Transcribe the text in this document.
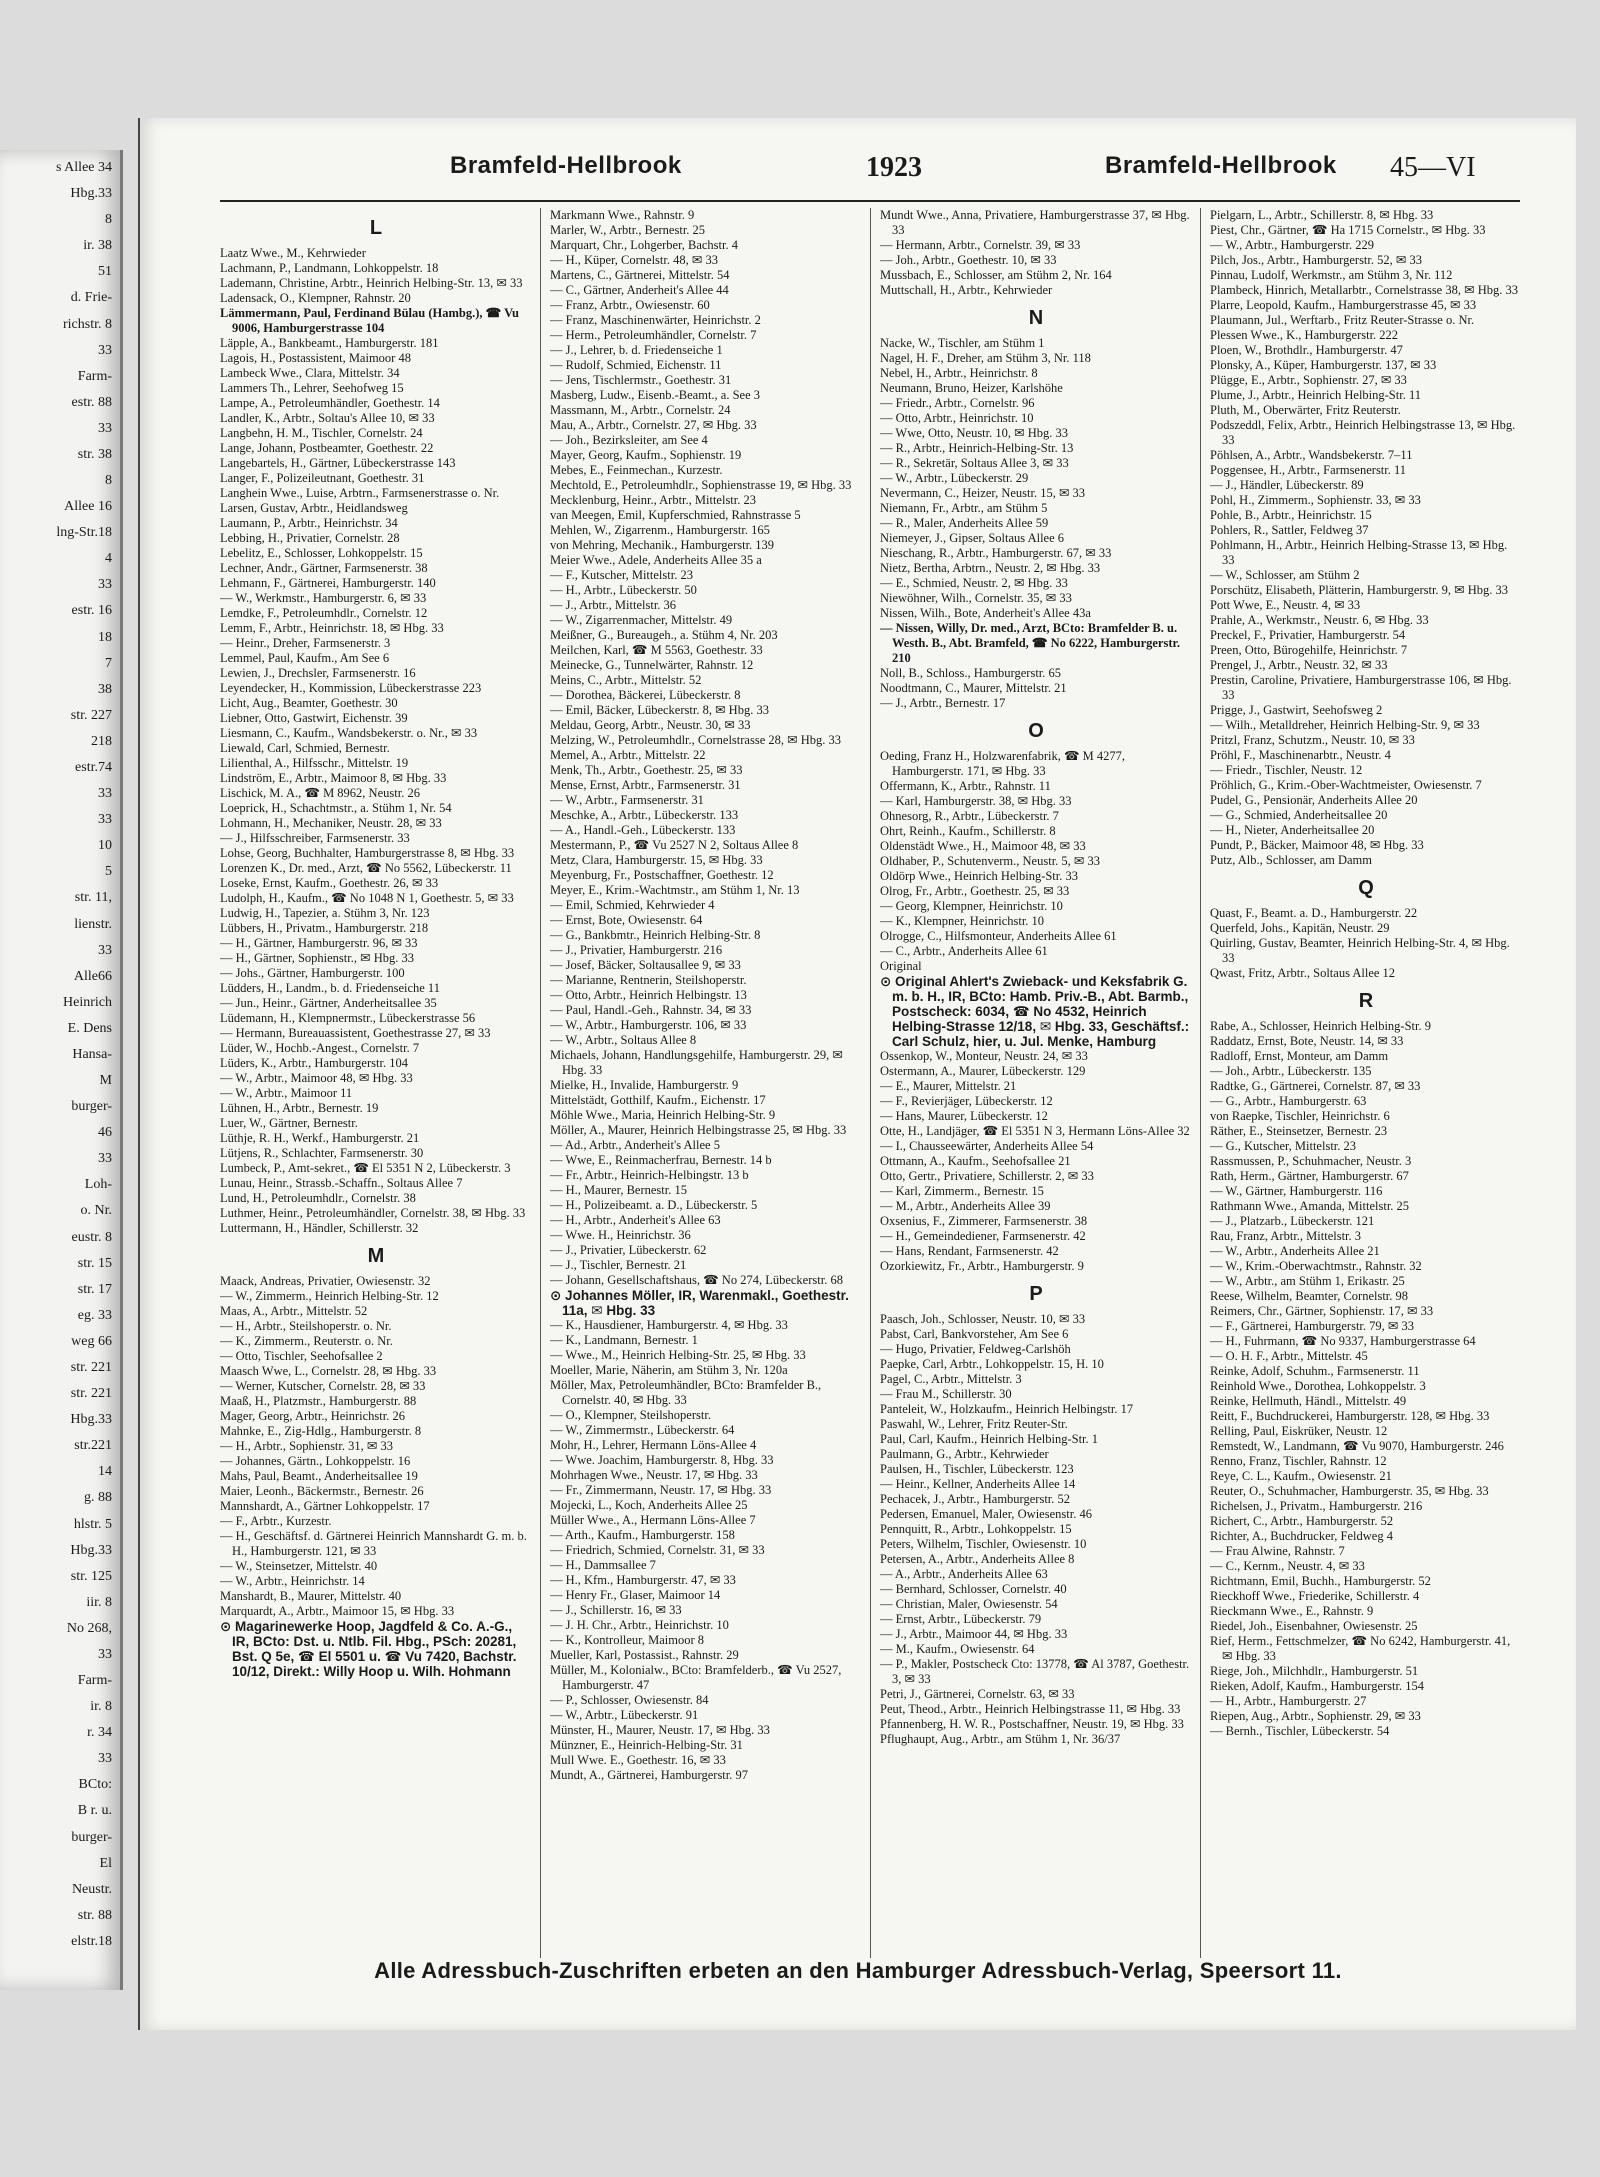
s Allee 34
Hbg.33
8
ir. 38
51
d. Frie-
richstr. 8
33
Farm-
estr. 88
33
str. 38
8
Allee 16
lng-Str.18
4
33
estr. 16
18
7
38
str. 227
218
estr.74
33
33
10
5
str. 11,
lienstr.
33
Alle66
Heinrich
E. Dens
Hansa-
M
burger-
46
33
Loh-
o. Nr.
eustr. 8
str. 15
str. 17
eg. 33
weg 66
str. 221
str. 221
Hbg.33
str.221
14
g. 88
hlstr. 5
Hbg.33
str. 125
iir. 8
No 268,
33
Farm-
ir. 8
r. 34
33
BCto:
B r. u.
burger-
El
Neustr.
str. 88
elstr.18
Bramfeld-Hellbrook	1923	Bramfeld-Hellbrook 45—VI
L
Laatz Wwe., M., Kehrwieder
Lachmann, P., Landmann, Lohkoppelstr. 18
Lademann, Christine, Arbtr., Heinrich Helbing-Str. 13, ✉ 33
Ladensack, O., Klempner, Rahnstr. 20
Lämmermann, Paul, Ferdinand Bülau (Hambg.), ☎ Vu 9006, Hamburgerstrasse 104
Läpple, A., Bankbeamt., Hamburgerstr. 181
Lagois, H., Postassistent, Maimoor 48
Lambeck Wwe., Clara, Mittelstr. 34
Lammers Th., Lehrer, Seehofweg 15
Lampe, A., Petroleumhändler, Goethestr. 14
Landler, K., Arbtr., Soltau's Allee 10, ✉ 33
Langbehn, H. M., Tischler, Cornelstr. 24
Lange, Johann, Postbeamter, Goethestr. 22
Langebartels, H., Gärtner, Lübeckerstrasse 143
Langer, F., Polizeileutnant, Goethestr. 31
Langhein Wwe., Luise, Arbtrn., Farmsenerstrasse o. Nr.
Larsen, Gustav, Arbtr., Heidlandsweg
Laumann, P., Arbtr., Heinrichstr. 34
Lebbing, H., Privatier, Cornelstr. 28
Lebelitz, E., Schlosser, Lohkoppelstr. 15
Lechner, Andr., Gärtner, Farmsenerstr. 38
Lehmann, F., Gärtnerei, Hamburgerstr. 140
— W., Werkmstr., Hamburgerstr. 6, ✉ 33
Lemdke, F., Petroleumhdlr., Cornelstr. 12
Lemm, F., Arbtr., Heinrichstr. 18, ✉ Hbg. 33
— Heinr., Dreher, Farmsenerstr. 3
Lemmel, Paul, Kaufm., Am See 6
Lewien, J., Drechsler, Farmsenerstr. 16
Leyendecker, H., Kommission, Lübeckerstrasse 223
Licht, Aug., Beamter, Goethestr. 30
Liebner, Otto, Gastwirt, Eichenstr. 39
Liesmann, C., Kaufm., Wandsbekerstr. o. Nr., ✉ 33
Liewald, Carl, Schmied, Bernestr.
Lilienthal, A., Hilfsschr., Mittelstr. 19
Lindström, E., Arbtr., Maimoor 8, ✉ Hbg. 33
Lischick, M. A., ☎ M 8962, Neustr. 26
Loeprick, H., Schachtmstr., a. Stühm 1, Nr. 54
Lohmann, H., Mechaniker, Neustr. 28, ✉ 33
— J., Hilfsschreiber, Farmsenerstr. 33
Lohse, Georg, Buchhalter, Hamburgerstrasse 8, ✉ Hbg. 33
Lorenzen K., Dr. med., Arzt, ☎ No 5562, Lübeckerstr. 11
Loseke, Ernst, Kaufm., Goethestr. 26, ✉ 33
Ludolph, H., Kaufm., ☎ No 1048 N 1, Goethestr. 5, ✉ 33
Ludwig, H., Tapezier, a. Stühm 3, Nr. 123
Lübbers, H., Privatm., Hamburgerstr. 218
— H., Gärtner, Hamburgerstr. 96, ✉ 33
— H., Gärtner, Sophienstr., ✉ Hbg. 33
— Johs., Gärtner, Hamburgerstr. 100
Lüdders, H., Landm., b. d. Friedenseiche 11
— Jun., Heinr., Gärtner, Anderheitsallee 35
Lüdemann, H., Klempnermstr., Lübeckerstrasse 56
— Hermann, Bureauassistent, Goethestrasse 27, ✉ 33
Lüder, W., Hochb.-Angest., Cornelstr. 7
Lüders, K., Arbtr., Hamburgerstr. 104
— W., Arbtr., Maimoor 48, ✉ Hbg. 33
— W., Arbtr., Maimoor 11
Lühnen, H., Arbtr., Bernestr. 19
Luer, W., Gärtner, Bernestr.
Lüthje, R. H., Werkf., Hamburgerstr. 21
Lütjens, R., Schlachter, Farmsenerstr. 30
Lumbeck, P., Amt-sekret., ☎ El 5351 N 2, Lübeckerstr. 3
Lunau, Heinr., Strassb.-Schaffn., Soltaus Allee 7
Lund, H., Petroleumhdlr., Cornelstr. 38
Luthmer, Heinr., Petroleumhändler, Cornelstr. 38, ✉ Hbg. 33
Luttermann, H., Händler, Schillerstr. 32
M
Maack, Andreas, Privatier, Owiesenstr. 32
— W., Zimmerm., Heinrich Helbing-Str. 12
Maas, A., Arbtr., Mittelstr. 52
— H., Arbtr., Steilshoperstr. o. Nr.
— K., Zimmerm., Reuterstr. o. Nr.
— Otto, Tischler, Seehofsallee 2
Maasch Wwe, L., Cornelstr. 28, ✉ Hbg. 33
— Werner, Kutscher, Cornelstr. 28, ✉ 33
Maaß, H., Platzmstr., Hamburgerstr. 88
Mager, Georg, Arbtr., Heinrichstr. 26
Mahnke, E., Zig-Hdlg., Hamburgerstr. 8
— H., Arbtr., Sophienstr. 31, ✉ 33
— Johannes, Gärtn., Lohkoppelstr. 16
Mahs, Paul, Beamt., Anderheitsallee 19
Maier, Leonh., Bäckermstr., Bernestr. 26
Mannshardt, A., Gärtner Lohkoppelstr. 17
— F., Arbtr., Kurzestr.
— H., Geschäftsf. d. Gärtnerei Heinrich Mannshardt G. m. b. H., Hamburgerstr. 121, ✉ 33
— W., Steinsetzer, Mittelstr. 40
— W., Arbtr., Heinrichstr. 14
Manshardt, B., Maurer, Mittelstr. 40
Marquardt, A., Arbtr., Maimoor 15, ✉ Hbg. 33
⊙ Magarinewerke Hoop, Jagdfeld & Co. A.-G., IR, BCto: Dst. u. Ntlb. Fil. Hbg., PSch: 20281, Bst. Q 5e, ☎ El 5501 u. ☎ Vu 7420, Bachstr. 10/12, Direkt.: Willy Hoop u. Wilh. Hohmann
Markmann Wwe., Rahnstr. 9
Marler, W., Arbtr., Bernestr. 25
Marquart, Chr., Lohgerber, Bachstr. 4
— H., Küper, Cornelstr. 48, ✉ 33
Martens, C., Gärtnerei, Mittelstr. 54
— C., Gärtner, Anderheit's Allee 44
— Franz, Arbtr., Owiesenstr. 60
— Franz, Maschinenwärter, Heinrichstr. 2
— Herm., Petroleumhändler, Cornelstr. 7
— J., Lehrer, b. d. Friedenseiche 1
— Rudolf, Schmied, Eichenstr. 11
— Jens, Tischlermstr., Goethestr. 31
Masberg, Ludw., Eisenb.-Beamt., a. See 3
Massmann, M., Arbtr., Cornelstr. 24
Mau, A., Arbtr., Cornelstr. 27, ✉ Hbg. 33
— Joh., Bezirksleiter, am See 4
Mayer, Georg, Kaufm., Sophienstr. 19
Mebes, E., Feinmechan., Kurzestr.
Mechtold, E., Petroleumhdlr., Sophienstrasse 19, ✉ Hbg. 33
Mecklenburg, Heinr., Arbtr., Mittelstr. 23
van Meegen, Emil, Kupferschmied, Rahnstrasse 5
Mehlen, W., Zigarrenm., Hamburgerstr. 165
von Mehring, Mechanik., Hamburgerstr. 139
Meier Wwe., Adele, Anderheits Allee 35 a
— F., Kutscher, Mittelstr. 23
— H., Arbtr., Lübeckerstr. 50
— J., Arbtr., Mittelstr. 36
— W., Zigarrenmacher, Mittelstr. 49
Meißner, G., Bureaugeh., a. Stühm 4, Nr. 203
Meilchen, Karl, ☎ M 5563, Goethestr. 33
Meinecke, G., Tunnelwärter, Rahnstr. 12
Meins, C., Arbtr., Mittelstr. 52
— Dorothea, Bäckerei, Lübeckerstr. 8
— Emil, Bäcker, Lübeckerstr. 8, ✉ Hbg. 33
Meldau, Georg, Arbtr., Neustr. 30, ✉ 33
Melzing, W., Petroleumhdlr., Cornelstrasse 28, ✉ Hbg. 33
Memel, A., Arbtr., Mittelstr. 22
Menk, Th., Arbtr., Goethestr. 25, ✉ 33
Mense, Ernst, Arbtr., Farmsenerstr. 31
— W., Arbtr., Farmsenerstr. 31
Meschke, A., Arbtr., Lübeckerstr. 133
— A., Handl.-Geh., Lübeckerstr. 133
Mestermann, P., ☎ Vu 2527 N 2, Soltaus Allee 8
Metz, Clara, Hamburgerstr. 15, ✉ Hbg. 33
Meyenburg, Fr., Postschaffner, Goethestr. 12
Meyer, E., Krim.-Wachtmstr., am Stühm 1, Nr. 13
— Emil, Schmied, Kehrwieder 4
— Ernst, Bote, Owiesenstr. 64
— G., Bankbmtr., Heinrich Helbing-Str. 8
— J., Privatier, Hamburgerstr. 216
— Josef, Bäcker, Soltausallee 9, ✉ 33
— Marianne, Rentnerin, Steilshoperstr.
— Otto, Arbtr., Heinrich Helbingstr. 13
— Paul, Handl.-Geh., Rahnstr. 34, ✉ 33
— W., Arbtr., Hamburgerstr. 106, ✉ 33
— W., Arbtr., Soltaus Allee 8
Michaels, Johann, Handlungsgehilfe, Hamburgerstr. 29, ✉ Hbg. 33
Mielke, H., Invalide, Hamburgerstr. 9
Mittelstädt, Gotthilf, Kaufm., Eichenstr. 17
Möhle Wwe., Maria, Heinrich Helbing-Str. 9
Möller, A., Maurer, Heinrich Helbingstrasse 25, ✉ Hbg. 33
— Ad., Arbtr., Anderheit's Allee 5
— Wwe, E., Reinmacherfrau, Bernestr. 14 b
— Fr., Arbtr., Heinrich-Helbingstr. 13 b
— H., Maurer, Bernestr. 15
— H., Polizeibeamt. a. D., Lübeckerstr. 5
— H., Arbtr., Anderheit's Allee 63
— Wwe. H., Heinrichstr. 36
— J., Privatier, Lübeckerstr. 62
— J., Tischler, Bernestr. 21
— Johann, Gesellschaftshaus, ☎ No 274, Lübeckerstr. 68
⊙ Johannes Möller, IR, Warenmakl., Goethestr. 11a, ✉ Hbg. 33
— K., Hausdiener, Hamburgerstr. 4, ✉ Hbg. 33
— K., Landmann, Bernestr. 1
— Wwe., M., Heinrich Helbing-Str. 25, ✉ Hbg. 33
Moeller, Marie, Näherin, am Stühm 3, Nr. 120a
Möller, Max, Petroleumhändler, BCto: Bramfelder B., Cornelstr. 40, ✉ Hbg. 33
— O., Klempner, Steilshoperstr.
— W., Zimmermstr., Lübeckerstr. 64
Mohr, H., Lehrer, Hermann Löns-Allee 4
— Wwe. Joachim, Hamburgerstr. 8, Hbg. 33
Mohrhagen Wwe., Neustr. 17, ✉ Hbg. 33
— Fr., Zimmermann, Neustr. 17, ✉ Hbg. 33
Mojecki, L., Koch, Anderheits Allee 25
Müller Wwe., A., Hermann Löns-Allee 7
— Arth., Kaufm., Hamburgerstr. 158
— Friedrich, Schmied, Cornelstr. 31, ✉ 33
— H., Dammsallee 7
— H., Kfm., Hamburgerstr. 47, ✉ 33
— Henry Fr., Glaser, Maimoor 14
— J., Schillerstr. 16, ✉ 33
— J. H. Chr., Arbtr., Heinrichstr. 10
— K., Kontrolleur, Maimoor 8
Mueller, Karl, Postassist., Rahnstr. 29
Müller, M., Kolonialw., BCto: Bramfelderb., ☎ Vu 2527, Hamburgerstr. 47
— P., Schlosser, Owiesenstr. 84
— W., Arbtr., Lübeckerstr. 91
Münster, H., Maurer, Neustr. 17, ✉ Hbg. 33
Münzner, E., Heinrich-Helbing-Str. 31
Mull Wwe. E., Goethestr. 16, ✉ 33
Mundt, A., Gärtnerei, Hamburgerstr. 97
Mundt Wwe., Anna, Privatiere, Hamburgerstrasse 37, ✉ Hbg. 33
— Hermann, Arbtr., Cornelstr. 39, ✉ 33
— Joh., Arbtr., Goethestr. 10, ✉ 33
Mussbach, E., Schlosser, am Stühm 2, Nr. 164
Muttschall, H., Arbtr., Kehrwieder
N
Nacke, W., Tischler, am Stühm 1
Nagel, H. F., Dreher, am Stühm 3, Nr. 118
Nebel, H., Arbtr., Heinrichstr. 8
Neumann, Bruno, Heizer, Karlshöhe
— Friedr., Arbtr., Cornelstr. 96
— Otto, Arbtr., Heinrichstr. 10
— Wwe, Otto, Neustr. 10, ✉ Hbg. 33
— R., Arbtr., Heinrich-Helbing-Str. 13
— R., Sekretär, Soltaus Allee 3, ✉ 33
— W., Arbtr., Lübeckerstr. 29
Nevermann, C., Heizer, Neustr. 15, ✉ 33
Niemann, Fr., Arbtr., am Stühm 5
— R., Maler, Anderheits Allee 59
Niemeyer, J., Gipser, Soltaus Allee 6
Nieschang, R., Arbtr., Hamburgerstr. 67, ✉ 33
Nietz, Bertha, Arbtrn., Neustr. 2, ✉ Hbg. 33
— E., Schmied, Neustr. 2, ✉ Hbg. 33
Niewöhner, Wilh., Cornelstr. 35, ✉ 33
Nissen, Wilh., Bote, Anderheit's Allee 43a
— Nissen, Willy, Dr. med., Arzt, BCto: Bramfelder B. u. Westh. B., Abt. Bramfeld, ☎ No 6222, Hamburgerstr. 210
Noll, B., Schloss., Hamburgerstr. 65
Noodtmann, C., Maurer, Mittelstr. 21
— J., Arbtr., Bernestr. 17
O
Oeding, Franz H., Holzwarenfabrik, ☎ M 4277, Hamburgerstr. 171, ✉ Hbg. 33
Offermann, K., Arbtr., Rahnstr. 11
— Karl, Hamburgerstr. 38, ✉ Hbg. 33
Ohnesorg, R., Arbtr., Lübeckerstr. 7
Ohrt, Reinh., Kaufm., Schillerstr. 8
Oldenstädt Wwe., H., Maimoor 48, ✉ 33
Oldhaber, P., Schutenverm., Neustr. 5, ✉ 33
Oldörp Wwe., Heinrich Helbing-Str. 33
Olrog, Fr., Arbtr., Goethestr. 25, ✉ 33
— Georg, Klempner, Heinrichstr. 10
— K., Klempner, Heinrichstr. 10
Olrogge, C., Hilfsmonteur, Anderheits Allee 61
— C., Arbtr., Anderheits Allee 61
Original
⊙ Original Ahlert's Zwieback- und Keksfabrik G. m. b. H., IR, BCto: Hamb. Priv.-B., Abt. Barmb., Postscheck: 6034, ☎ No 4532, Heinrich Helbing-Strasse 12/18, ✉ Hbg. 33, Geschäftsf.: Carl Schulz, hier, u. Jul. Menke, Hamburg
Ossenkop, W., Monteur, Neustr. 24, ✉ 33
Ostermann, A., Maurer, Lübeckerstr. 129
— E., Maurer, Mittelstr. 21
— F., Revierjäger, Lübeckerstr. 12
— Hans, Maurer, Lübeckerstr. 12
Otte, H., Landjäger, ☎ El 5351 N 3, Hermann Löns-Allee 32
— I., Chausseewärter, Anderheits Allee 54
Ottmann, A., Kaufm., Seehofsallee 21
Otto, Gertr., Privatiere, Schillerstr. 2, ✉ 33
— Karl, Zimmerm., Bernestr. 15
— M., Arbtr., Anderheits Allee 39
Oxsenius, F., Zimmerer, Farmsenerstr. 38
— H., Gemeindediener, Farmsenerstr. 42
— Hans, Rendant, Farmsenerstr. 42
Ozorkiewitz, Fr., Arbtr., Hamburgerstr. 9
P
Paasch, Joh., Schlosser, Neustr. 10, ✉ 33
Pabst, Carl, Bankvorsteher, Am See 6
— Hugo, Privatier, Feldweg-Carlshöh
Paepke, Carl, Arbtr., Lohkoppelstr. 15, H. 10
Pagel, C., Arbtr., Mittelstr. 3
— Frau M., Schillerstr. 30
Panteleit, W., Holzkaufm., Heinrich Helbingstr. 17
Paswahl, W., Lehrer, Fritz Reuter-Str.
Paul, Carl, Kaufm., Heinrich Helbing-Str. 1
Paulmann, G., Arbtr., Kehrwieder
Paulsen, H., Tischler, Lübeckerstr. 123
— Heinr., Kellner, Anderheits Allee 14
Pechacek, J., Arbtr., Hamburgerstr. 52
Pedersen, Emanuel, Maler, Owiesenstr. 46
Pennquitt, R., Arbtr., Lohkoppelstr. 15
Peters, Wilhelm, Tischler, Owiesenstr. 10
Petersen, A., Arbtr., Anderheits Allee 8
— A., Arbtr., Anderheits Allee 63
— Bernhard, Schlosser, Cornelstr. 40
— Christian, Maler, Owiesenstr. 54
— Ernst, Arbtr., Lübeckerstr. 79
— J., Arbtr., Maimoor 44, ✉ Hbg. 33
— M., Kaufm., Owiesenstr. 64
— P., Makler, Postscheck Cto: 13778, ☎ Al 3787, Goethestr. 3, ✉ 33
Petri, J., Gärtnerei, Cornelstr. 63, ✉ 33
Peut, Theod., Arbtr., Heinrich Helbingstrasse 11, ✉ Hbg. 33
Pfannenberg, H. W. R., Postschaffner, Neustr. 19, ✉ Hbg. 33
Pflughaupt, Aug., Arbtr., am Stühm 1, Nr. 36/37
Pielgarn, L., Arbtr., Schillerstr. 8, ✉ Hbg. 33
Piest, Chr., Gärtner, ☎ Ha 1715 Cornelstr., ✉ Hbg. 33
— W., Arbtr., Hamburgerstr. 229
Pilch, Jos., Arbtr., Hamburgerstr. 52, ✉ 33
Pinnau, Ludolf, Werkmstr., am Stühm 3, Nr. 112
Plambeck, Hinrich, Metallarbtr., Cornelstrasse 38, ✉ Hbg. 33
Plarre, Leopold, Kaufm., Hamburgerstrasse 45, ✉ 33
Plaumann, Jul., Werftarb., Fritz Reuter-Strasse o. Nr.
Plessen Wwe., K., Hamburgerstr. 222
Ploen, W., Brothdlr., Hamburgerstr. 47
Plonsky, A., Küper, Hamburgerstr. 137, ✉ 33
Plügge, E., Arbtr., Sophienstr. 27, ✉ 33
Plume, J., Arbtr., Heinrich Helbing-Str. 11
Pluth, M., Oberwärter, Fritz Reuterstr.
Podszeddl, Felix, Arbtr., Heinrich Helbingstrasse 13, ✉ Hbg. 33
Pöhlsen, A., Arbtr., Wandsbekerstr. 7–11
Poggensee, H., Arbtr., Farmsenerstr. 11
— J., Händler, Lübeckerstr. 89
Pohl, H., Zimmerm., Sophienstr. 33, ✉ 33
Pohle, B., Arbtr., Heinrichstr. 15
Pohlers, R., Sattler, Feldweg 37
Pohlmann, H., Arbtr., Heinrich Helbing-Strasse 13, ✉ Hbg. 33
— W., Schlosser, am Stühm 2
Porschütz, Elisabeth, Plätterin, Hamburgerstr. 9, ✉ Hbg. 33
Pott Wwe, E., Neustr. 4, ✉ 33
Prahle, A., Werkmstr., Neustr. 6, ✉ Hbg. 33
Preckel, F., Privatier, Hamburgerstr. 54
Preen, Otto, Bürogehilfe, Heinrichstr. 7
Prengel, J., Arbtr., Neustr. 32, ✉ 33
Prestin, Caroline, Privatiere, Hamburgerstrasse 106, ✉ Hbg. 33
Prigge, J., Gastwirt, Seehofsweg 2
— Wilh., Metalldreher, Heinrich Helbing-Str. 9, ✉ 33
Pritzl, Franz, Schutzm., Neustr. 10, ✉ 33
Pröhl, F., Maschinenarbtr., Neustr. 4
— Friedr., Tischler, Neustr. 12
Pröhlich, G., Krim.-Ober-Wachtmeister, Owiesenstr. 7
Pudel, G., Pensionär, Anderheits Allee 20
— G., Schmied, Anderheitsallee 20
— H., Nieter, Anderheitsallee 20
Pundt, P., Bäcker, Maimoor 48, ✉ Hbg. 33
Putz, Alb., Schlosser, am Damm
Q
Quast, F., Beamt. a. D., Hamburgerstr. 22
Querfeld, Johs., Kapitän, Neustr. 29
Quirling, Gustav, Beamter, Heinrich Helbing-Str. 4, ✉ Hbg. 33
Qwast, Fritz, Arbtr., Soltaus Allee 12
R
Rabe, A., Schlosser, Heinrich Helbing-Str. 9
Raddatz, Ernst, Bote, Neustr. 14, ✉ 33
Radloff, Ernst, Monteur, am Damm
— Joh., Arbtr., Lübeckerstr. 135
Radtke, G., Gärtnerei, Cornelstr. 87, ✉ 33
— G., Arbtr., Hamburgerstr. 63
von Raepke, Tischler, Heinrichstr. 6
Räther, E., Steinsetzer, Bernestr. 23
— G., Kutscher, Mittelstr. 23
Rassmussen, P., Schuhmacher, Neustr. 3
Rath, Herm., Gärtner, Hamburgerstr. 67
— W., Gärtner, Hamburgerstr. 116
Rathmann Wwe., Amanda, Mittelstr. 25
— J., Platzarb., Lübeckerstr. 121
Rau, Franz, Arbtr., Mittelstr. 3
— W., Arbtr., Anderheits Allee 21
— W., Krim.-Oberwachtmstr., Rahnstr. 32
— W., Arbtr., am Stühm 1, Erikastr. 25
Reese, Wilhelm, Beamter, Cornelstr. 98
Reimers, Chr., Gärtner, Sophienstr. 17, ✉ 33
— F., Gärtnerei, Hamburgerstr. 79, ✉ 33
— H., Fuhrmann, ☎ No 9337, Hamburgerstrasse 64
— O. H. F., Arbtr., Mittelstr. 45
Reinke, Adolf, Schuhm., Farmsenerstr. 11
Reinhold Wwe., Dorothea, Lohkoppelstr. 3
Reinke, Hellmuth, Händl., Mittelstr. 49
Reitt, F., Buchdruckerei, Hamburgerstr. 128, ✉ Hbg. 33
Relling, Paul, Eiskrüker, Neustr. 12
Remstedt, W., Landmann, ☎ Vu 9070, Hamburgerstr. 246
Renno, Franz, Tischler, Rahnstr. 12
Reye, C. L., Kaufm., Owiesenstr. 21
Reuter, O., Schuhmacher, Hamburgerstr. 35, ✉ Hbg. 33
Richelsen, J., Privatm., Hamburgerstr. 216
Richert, C., Arbtr., Hamburgerstr. 52
Richter, A., Buchdrucker, Feldweg 4
— Frau Alwine, Rahnstr. 7
— C., Kernm., Neustr. 4, ✉ 33
Richtmann, Emil, Buchh., Hamburgerstr. 52
Rieckhoff Wwe., Friederike, Schillerstr. 4
Rieckmann Wwe., E., Rahnstr. 9
Riedel, Joh., Eisenbahner, Owiesenstr. 25
Rief, Herm., Fettschmelzer, ☎ No 6242, Hamburgerstr. 41, ✉ Hbg. 33
Riege, Joh., Milchhdlr., Hamburgerstr. 51
Rieken, Adolf, Kaufm., Hamburgerstr. 154
— H., Arbtr., Hamburgerstr. 27
Riepen, Aug., Arbtr., Sophienstr. 29, ✉ 33
— Bernh., Tischler, Lübeckerstr. 54
Alle Adressbuch-Zuschriften erbeten an den Hamburger Adressbuch-Verlag, Speersort 11.
